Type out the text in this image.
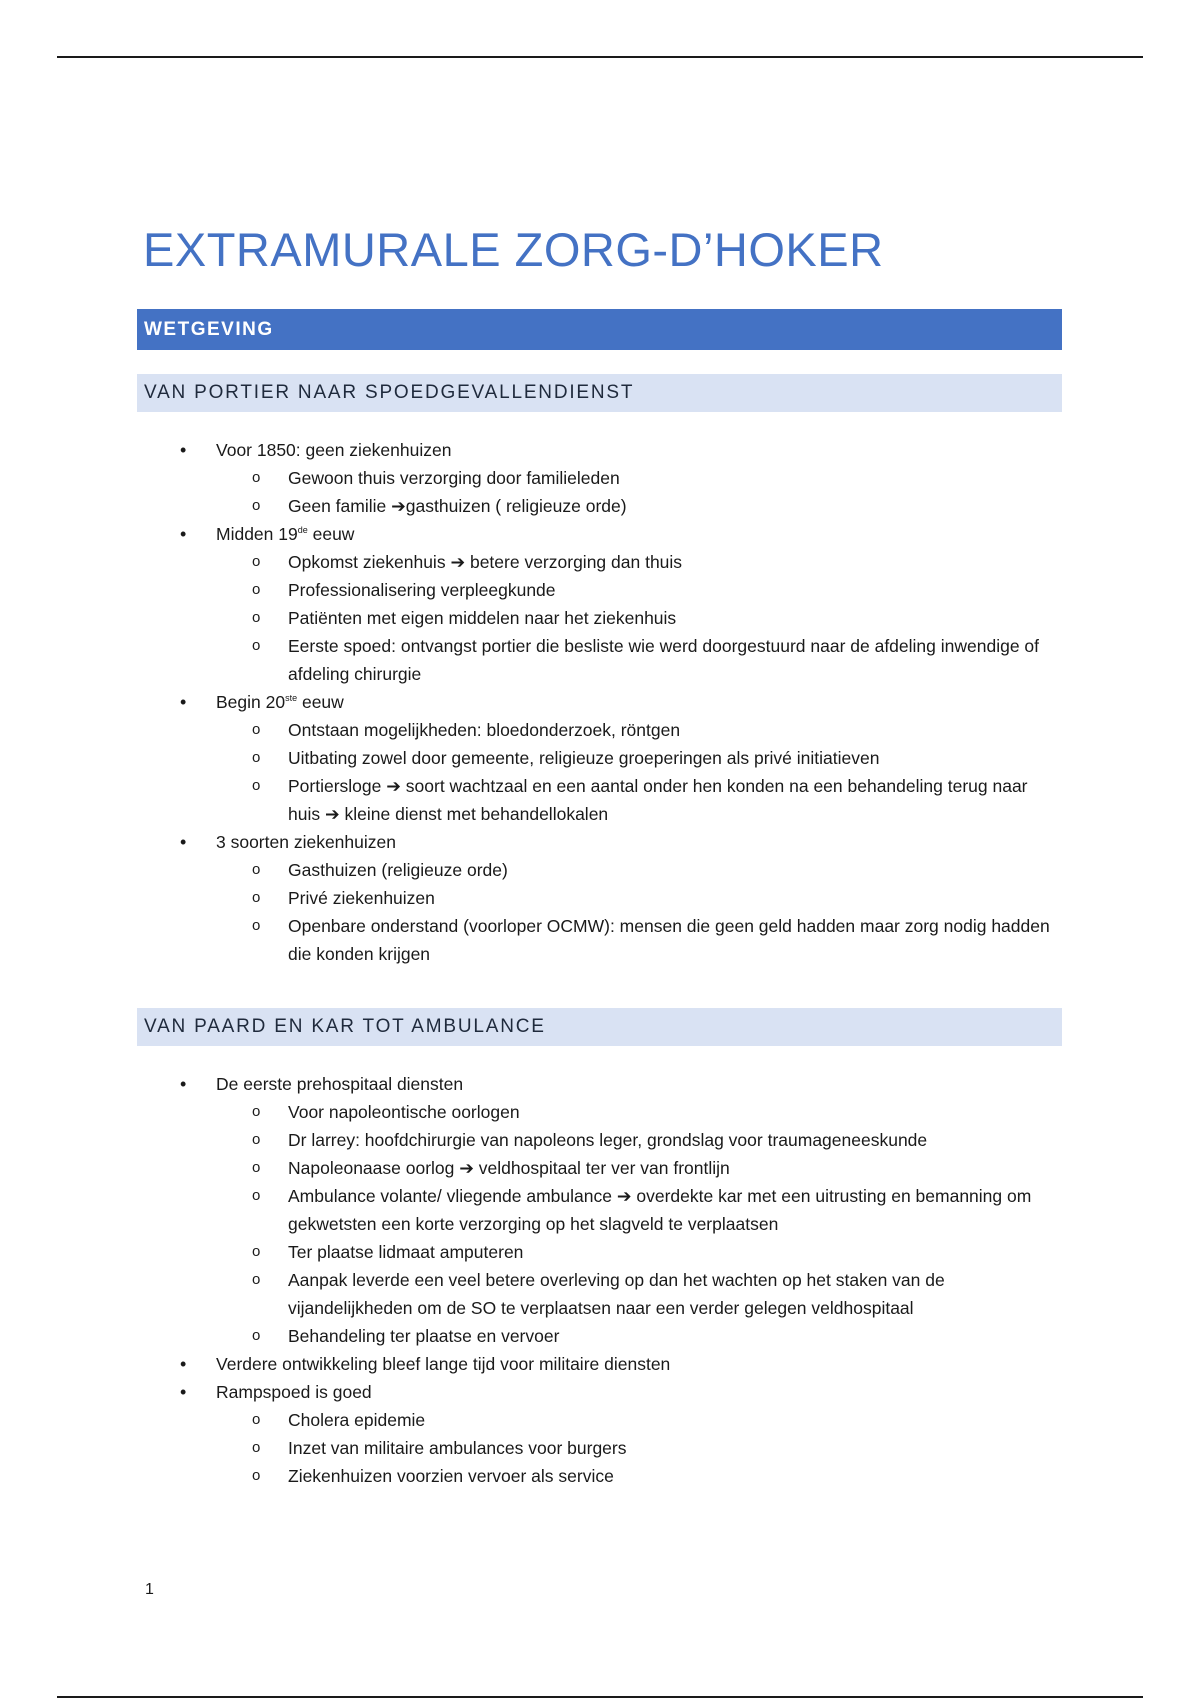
EXTRAMURALE ZORG-D’HOKER
WETGEVING
VAN PORTIER NAAR SPOEDGEVALLENDIENST
• Voor 1850: geen ziekenhuizen
o Gewoon thuis verzorging door familieleden
o Geen familie ➔gasthuizen ( religieuze orde)
• Midden 19de eeuw
o Opkomst ziekenhuis ➔ betere verzorging dan thuis
o Professionalisering verpleegkunde
o Patiënten met eigen middelen naar het ziekenhuis
o Eerste spoed: ontvangst portier die besliste wie werd doorgestuurd naar de afdeling inwendige of afdeling chirurgie
• Begin 20ste eeuw
o Ontstaan mogelijkheden: bloedonderzoek, röntgen
o Uitbating zowel door gemeente, religieuze groeperingen als privé initiatieven
o Portiersloge ➔ soort wachtzaal en een aantal onder hen konden na een behandeling terug naar huis ➔ kleine dienst met behandellokalen
• 3 soorten ziekenhuizen
o Gasthuizen (religieuze orde)
o Privé ziekenhuizen
o Openbare onderstand (voorloper OCMW): mensen die geen geld hadden maar zorg nodig hadden die konden krijgen
VAN PAARD EN KAR TOT AMBULANCE
• De eerste prehospitaal diensten
o Voor napoleontische oorlogen
o Dr larrey: hoofdchirurgie van napoleons leger, grondslag voor traumageneeskunde
o Napoleonaase oorlog ➔ veldhospitaal ter ver van frontlijn
o Ambulance volante/ vliegende ambulance ➔ overdekte kar met een uitrusting en bemanning om gekwetsten een korte verzorging op het slagveld te verplaatsen
o Ter plaatse lidmaat amputeren
o Aanpak leverde een veel betere overleving op dan het wachten op het staken van de vijandelijkheden om de SO te verplaatsen naar een verder gelegen veldhospitaal
o Behandeling ter plaatse en vervoer
• Verdere ontwikkeling bleef lange tijd voor militaire diensten
• Rampspoed is goed
o Cholera epidemie
o Inzet van militaire ambulances voor burgers
o Ziekenhuizen voorzien vervoer als service
1
